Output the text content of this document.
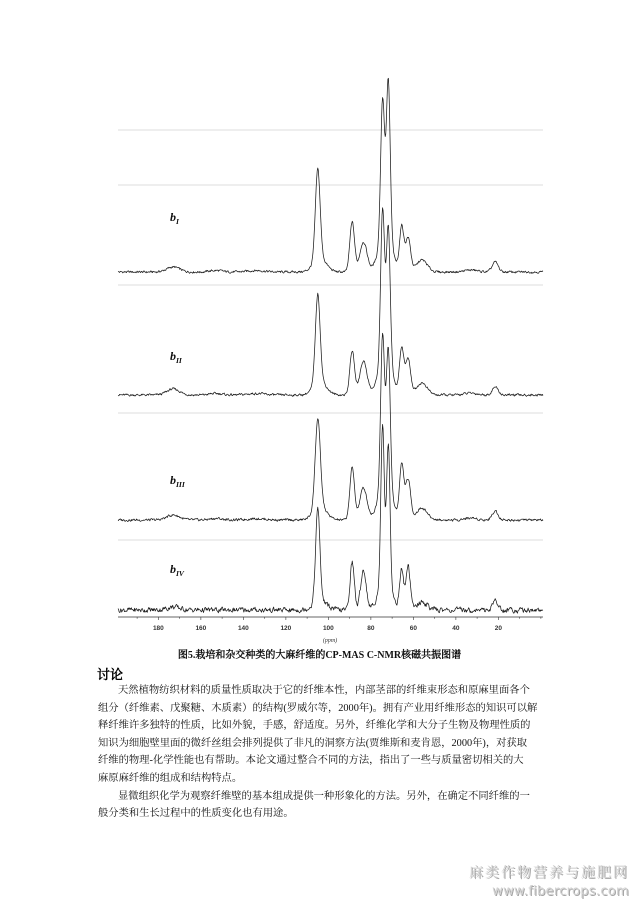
$b_I$
$b_{II}$
$b_{III}$
$b_{IV}$
180	160	140	120	100	80	60	40	20
(ppm)
图5.栽培和杂交种类的大麻纤维的CP-MAS C-NMR核磁共振图谱
讨论
天然植物纺织材料的质量性质取决于它的纤维本性，内部茎部的纤维束形态和原麻里面各个
组分（纤维素、戊聚糖、木质素）的结构(罗威尔等，2000年)。拥有产业用纤维形态的知识可以解
释纤维许多独特的性质，比如外貌，手感，舒适度。另外，纤维化学和大分子生物及物理性质的
知识为细胞壁里面的微纤丝组会排列提供了非凡的洞察方法(贾维斯和麦肯恩，2000年)，对获取
纤维的物理-化学性能也有帮助。本论文通过整合不同的方法，指出了一些与质量密切相关的大
麻原麻纤维的组成和结构特点。
显微组织化学为观察纤维壁的基本组成提供一种形象化的方法。另外，在确定不同纤维的一
般分类和生长过程中的性质变化也有用途。
麻类作物营养与施肥网
www.fibercrops.com
